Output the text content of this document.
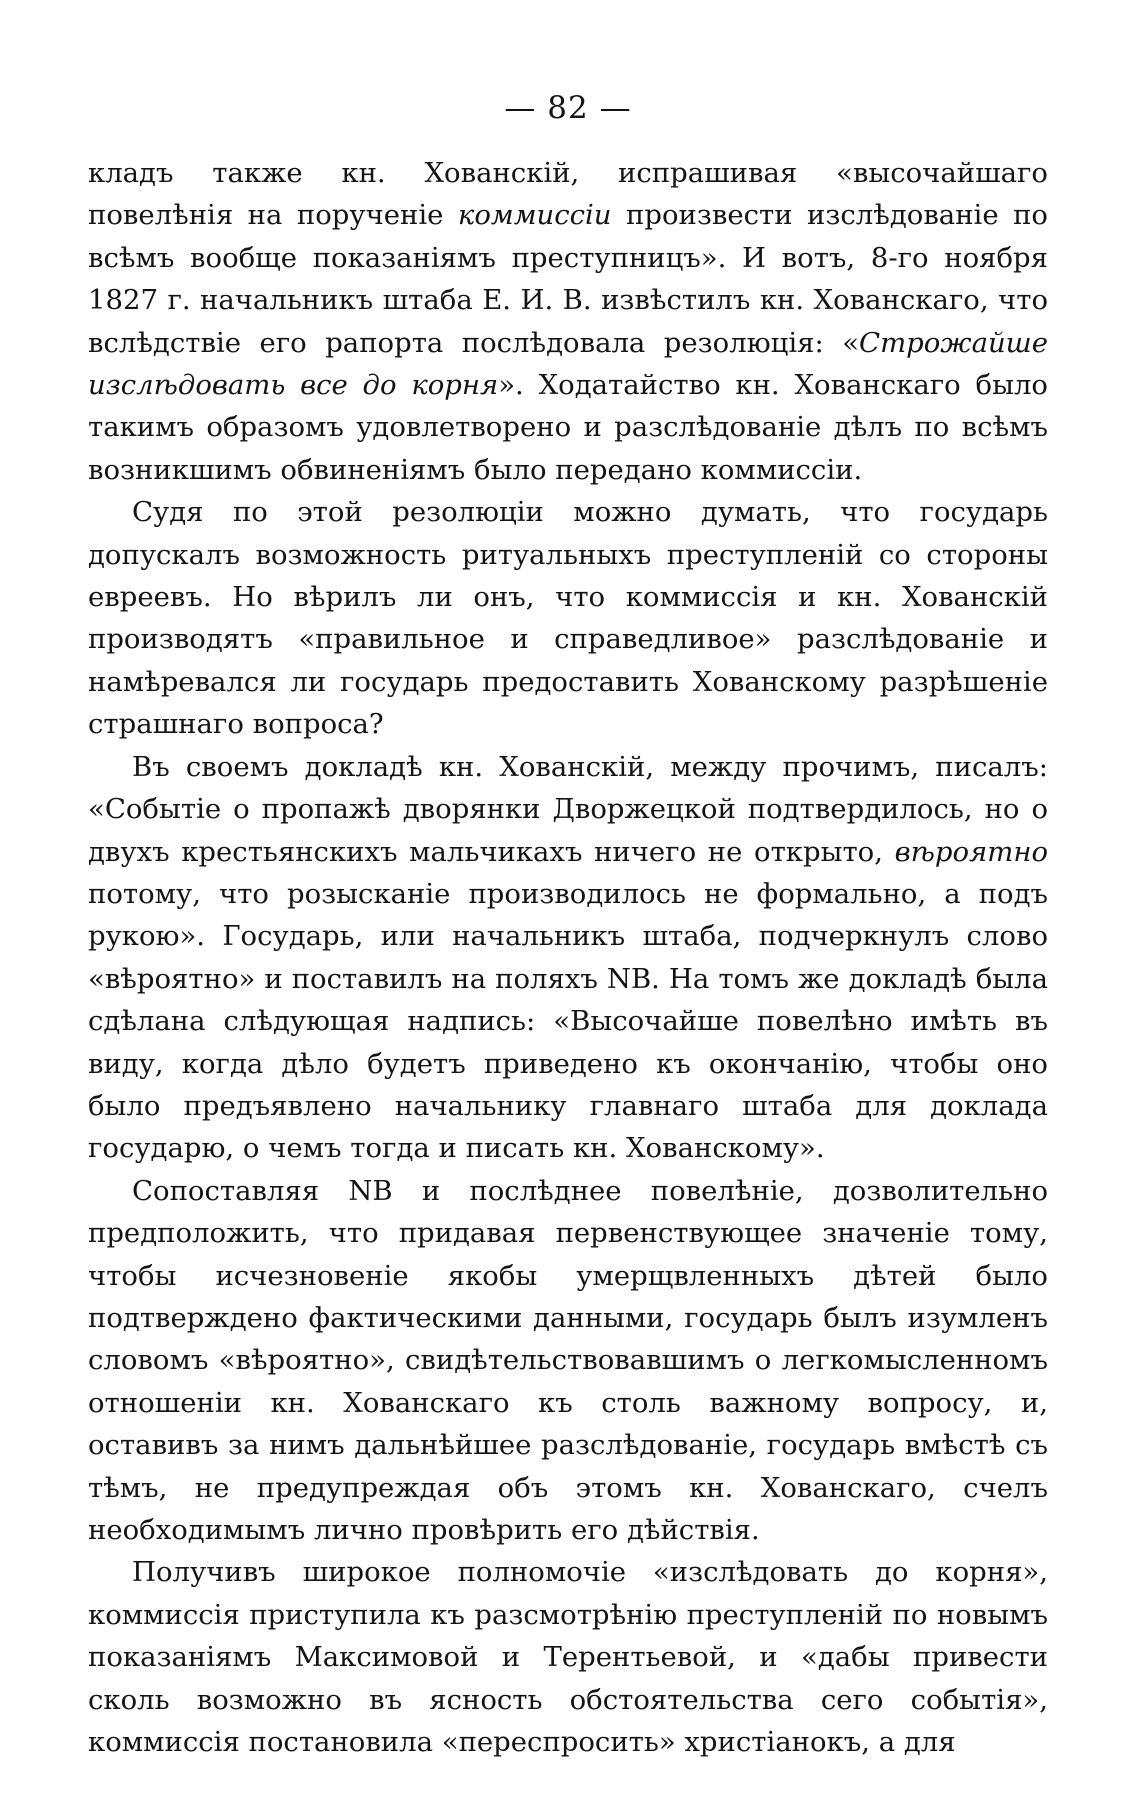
— 82 —

кладъ также кн. Хованскій, испрашивая «высочайшаго повелѣнія на порученіе коммиссіи произвести изслѣдованіе по всѣмъ вообще показаніямъ преступницъ». И вотъ, 8-го ноября 1827 г. начальникъ штаба Е. И. В. извѣстилъ кн. Хованскаго, что вслѣдствіе его рапорта послѣдовала резолюція: «Строжайше изслѣдовать все до корня». Ходатайство кн. Хованскаго было такимъ образомъ удовлетворено и разслѣдованіе дѣлъ по всѣмъ возникшимъ обвиненіямъ было передано коммиссіи.

Судя по этой резолюціи можно думать, что государь допускалъ возможность ритуальныхъ преступленій со стороны евреевъ. Но вѣрилъ ли онъ, что коммиссія и кн. Хованскій производятъ «правильное и справедливое» разслѣдованіе и намѣревался ли государь предоставить Хованскому разрѣшеніе страшнаго вопроса?

Въ своемъ докладѣ кн. Хованскій, между прочимъ, писалъ: «Событіе о пропажѣ дворянки Дворжецкой подтвердилось, но о двухъ крестьянскихъ мальчикахъ ничего не открыто, вѣроятно потому, что розысканіе производилось не формально, а подъ рукою». Государь, или начальникъ штаба, подчеркнулъ слово «вѣроятно» и поставилъ на поляхъ NB. На томъ же докладѣ была сдѣлана слѣдующая надпись: «Высочайше повелѣно имѣть въ виду, когда дѣло будетъ приведено къ окончанію, чтобы оно было предъявлено начальнику главнаго штаба для доклада государю, о чемъ тогда и писать кн. Хованскому».

Сопоставляя NB и послѣднее повелѣніе, дозволительно предположить, что придавая первенствующее значеніе тому, чтобы исчезновеніе якобы умерщвленныхъ дѣтей было подтверждено фактическими данными, государь былъ изумленъ словомъ «вѣроятно», свидѣтельствовавшимъ о легкомысленномъ отношеніи кн. Хованскаго къ столь важному вопросу, и, оставивъ за нимъ дальнѣйшее разслѣдованіе, государь вмѣстѣ съ тѣмъ, не предупреждая объ этомъ кн. Хованскаго, счелъ необходимымъ лично провѣрить его дѣйствія.

Получивъ широкое полномочіе «изслѣдовать до корня», коммиссія приступила къ разсмотрѣнію преступленій по новымъ показаніямъ Максимовой и Терентьевой, и «дабы привести сколь возможно въ ясность обстоятельства сего событія», коммиссія постановила «переспросить» христіанокъ, а для
